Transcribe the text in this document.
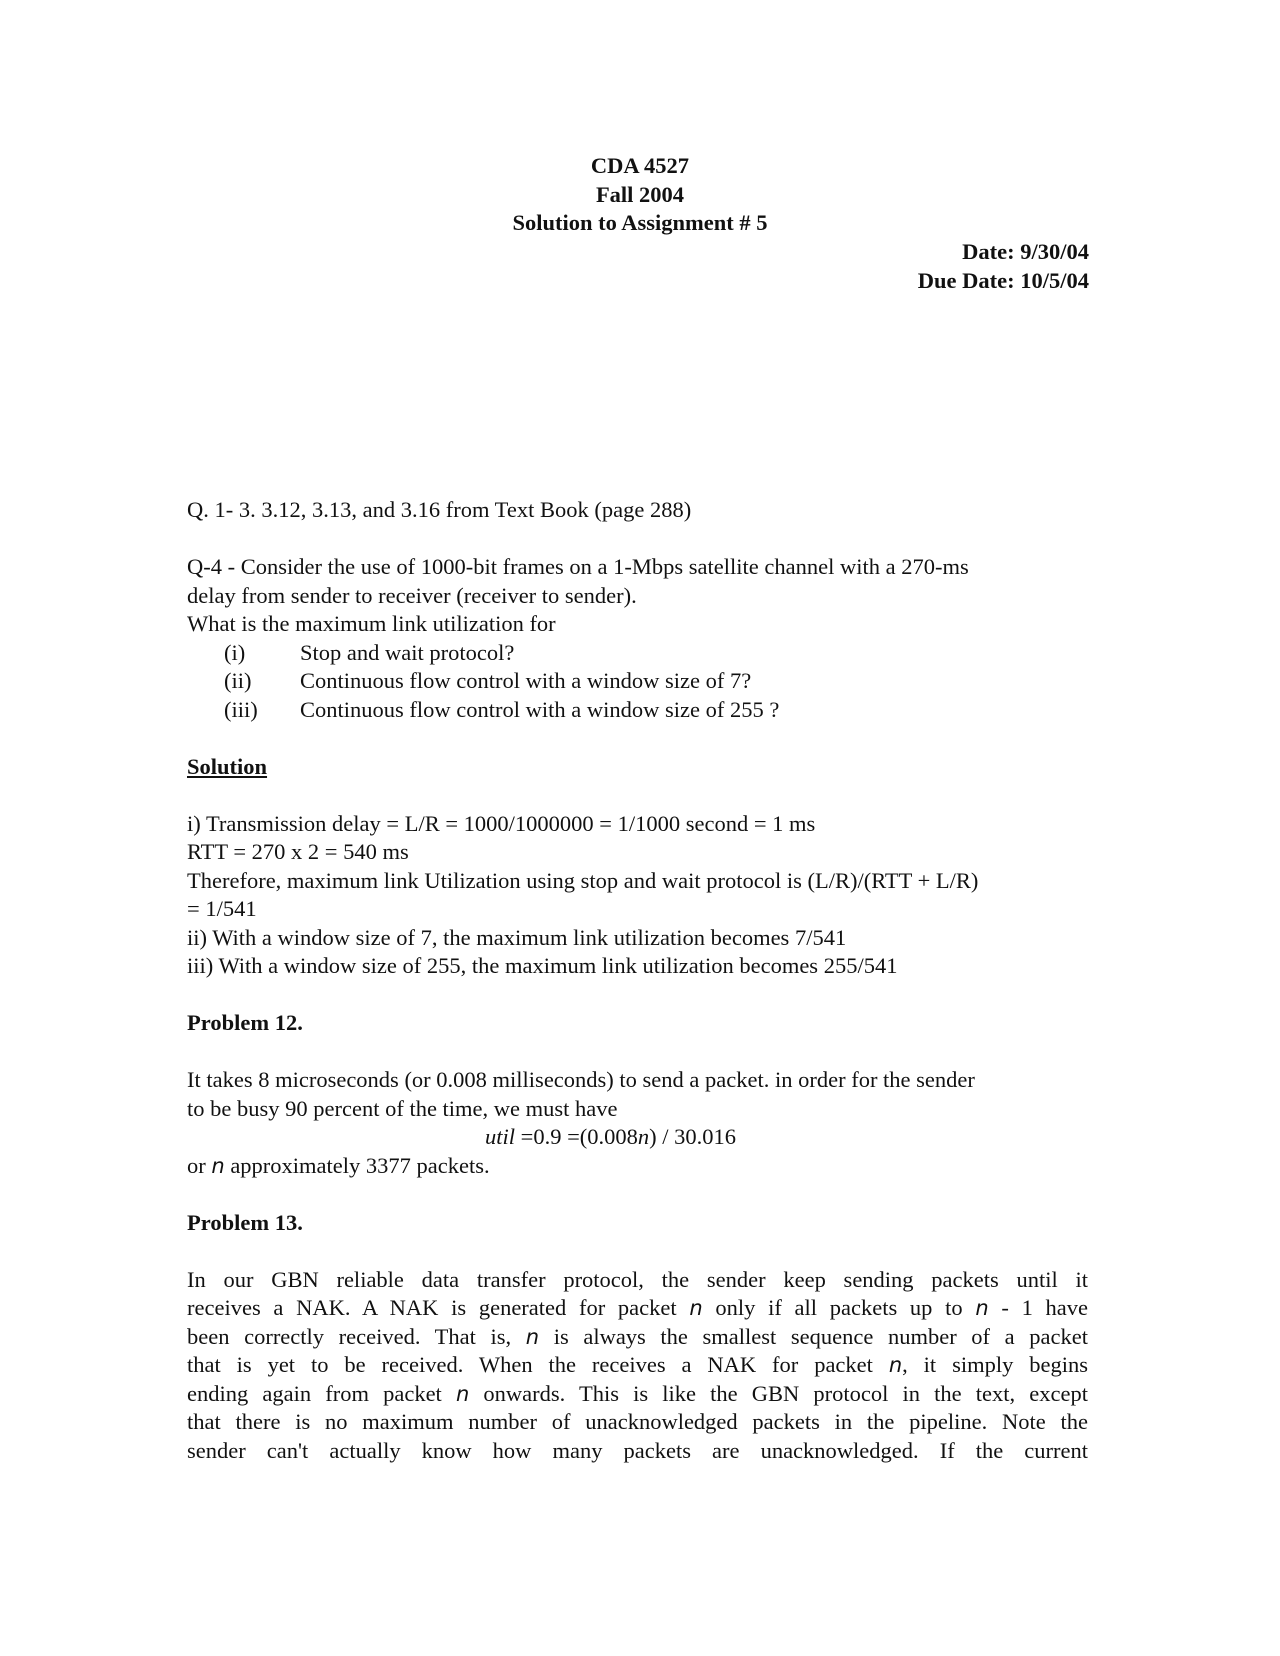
CDA 4527
Fall 2004
Solution to Assignment # 5
Date: 9/30/04
Due Date: 10/5/04
Q. 1- 3. 3.12, 3.13, and 3.16 from Text Book (page 288)
Q-4 - Consider the use of 1000-bit frames on a 1-Mbps satellite channel with a 270-ms
delay from sender to receiver (receiver to sender).
What is the maximum link utilization for
(i)	Stop and wait protocol?
(ii)	Continuous flow control with a window size of 7?
(iii)	Continuous flow control with a window size of 255 ?
Solution
i) Transmission delay = L/R = 1000/1000000 = 1/1000 second = 1 ms
RTT = 270 x 2 = 540 ms
Therefore, maximum link Utilization using stop and wait protocol is (L/R)/(RTT + L/R)
= 1/541
ii) With a window size of 7, the maximum link utilization becomes 7/541
iii) With a window size of 255, the maximum link utilization becomes 255/541
Problem 12.
It takes 8 microseconds (or 0.008 milliseconds) to send a packet. in order for the sender
to be busy 90 percent of the time, we must have
util =0.9 =(0.008n) / 30.016
or n approximately 3377 packets.
Problem 13.
In our GBN reliable data transfer protocol, the sender keep sending packets until it
receives a NAK. A NAK is generated for packet n only if all packets up to n - 1 have
been correctly received. That is, n is always the smallest sequence number of a packet
that is yet to be received. When the receives a NAK for packet n, it simply begins
ending again from packet n onwards. This is like the GBN protocol in the text, except
that there is no maximum number of unacknowledged packets in the pipeline. Note the
sender can't actually know how many packets are unacknowledged. If the current
